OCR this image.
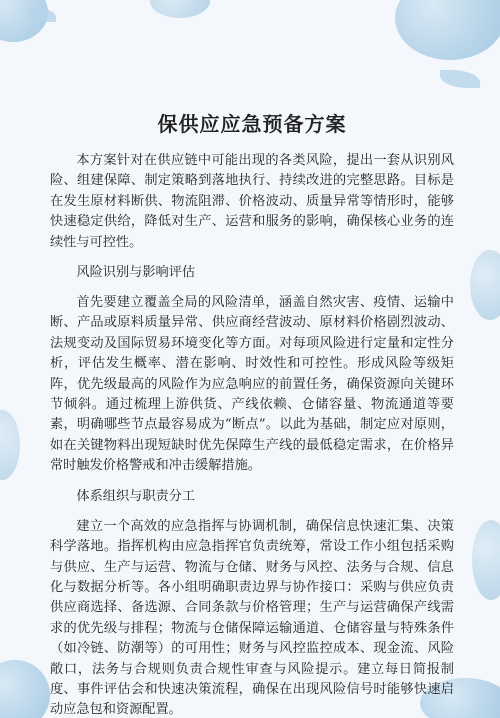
保供应应急预备方案

本方案针对在供应链中可能出现的各类风险，提出一套从识别风险、组建保障、制定策略到落地执行、持续改进的完整思路。目标是在发生原材料断供、物流阻滞、价格波动、质量异常等情形时，能够快速稳定供给，降低对生产、运营和服务的影响，确保核心业务的连续性与可控性。

风险识别与影响评估

首先要建立覆盖全局的风险清单，涵盖自然灾害、疫情、运输中断、产品或原料质量异常、供应商经营波动、原材料价格剧烈波动、法规变动及国际贸易环境变化等方面。对每项风险进行定量和定性分析，评估发生概率、潜在影响、时效性和可控性。形成风险等级矩阵，优先级最高的风险作为应急响应的前置任务，确保资源向关键环节倾斜。通过梳理上游供货、产线依赖、仓储容量、物流通道等要素，明确哪些节点最容易成为“断点”。以此为基础，制定应对原则，如在关键物料出现短缺时优先保障生产线的最低稳定需求，在价格异常时触发价格警戒和冲击缓解措施。

体系组织与职责分工

建立一个高效的应急指挥与协调机制，确保信息快速汇集、决策科学落地。指挥机构由应急指挥官负责统筹，常设工作小组包括采购与供应、生产与运营、物流与仓储、财务与风控、法务与合规、信息化与数据分析等。各小组明确职责边界与协作接口：采购与供应负责供应商选择、备选源、合同条款与价格管理；生产与运营确保产线需求的优先级与排程；物流与仓储保障运输通道、仓储容量与特殊条件（如冷链、防潮等）的可用性；财务与风控监控成本、现金流、风险敞口，法务与合规则负责合规性审查与风险提示。建立每日简报制度、事件评估会和快速决策流程，确保在出现风险信号时能够快速启动应急包和资源配置。
